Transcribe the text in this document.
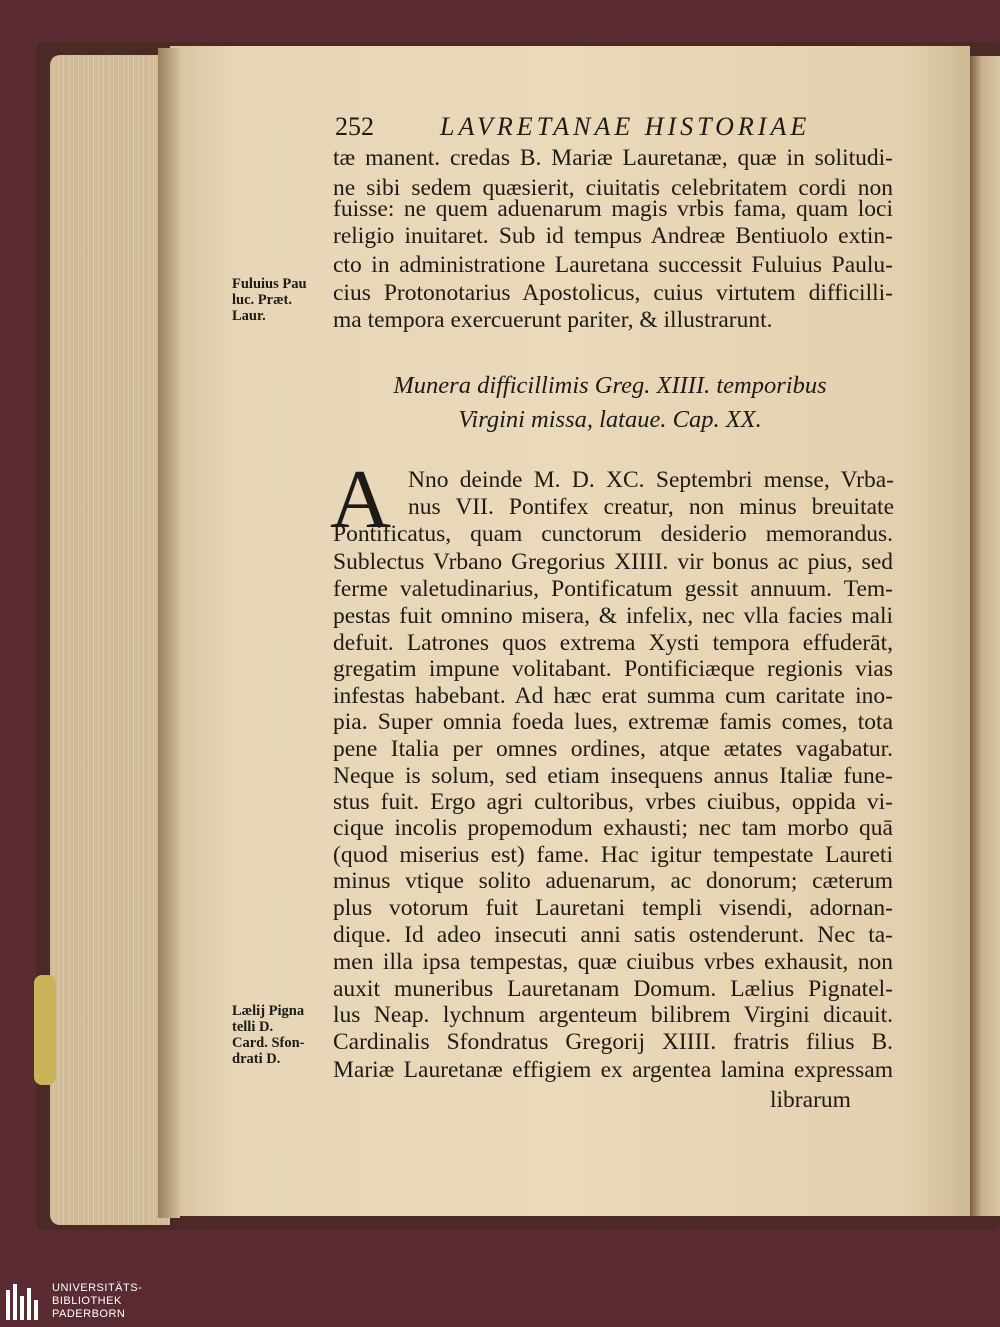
252	LAVRETANAE HISTORIAE
tæ manent. credas B. Mariæ Lauretanæ, quæ in solitudi-
ne sibi sedem quæsierit, ciuitatis celebritatem cordi non
fuisse: ne quem aduenarum magis vrbis fama, quam loci
religio inuitaret. Sub id tempus Andreæ Bentiuolo extin-
cto in administratione Lauretana successit Fuluius Paulu-
cius Protonotarius Apostolicus, cuius virtutem difficilli-
ma tempora exercuerunt pariter, & illustrarunt.
Fuluius Pau
luc. Præt.
Laur.
Munera difficillimis Greg. XIIII. temporibus
Virgini missa, lataue. Cap. XX.
A Nno deinde M. D. XC. Septembri mense, Vrba-
nus VII. Pontifex creatur, non minus breuitate
Pontificatus, quam cunctorum desiderio memorandus.
Sublectus Vrbano Gregorius XIIII. vir bonus ac pius, sed
ferme valetudinarius, Pontificatum gessit annuum. Tem-
pestas fuit omnino misera, & infelix, nec vlla facies mali
defuit. Latrones quos extrema Xysti tempora effuderāt,
gregatim impune volitabant. Pontificiæque regionis vias
infestas habebant. Ad hæc erat summa cum caritate ino-
pia. Super omnia foeda lues, extremæ famis comes, tota
pene Italia per omnes ordines, atque ætates vagabatur.
Neque is solum, sed etiam insequens annus Italiæ fune-
stus fuit. Ergo agri cultoribus, vrbes ciuibus, oppida vi-
cique incolis propemodum exhausti; nec tam morbo quā
(quod miserius est) fame. Hac igitur tempestate Laureti
minus vtique solito aduenarum, ac donorum; cæterum
plus votorum fuit Lauretani templi visendi, adornan-
dique. Id adeo insecuti anni satis ostenderunt. Nec ta-
men illa ipsa tempestas, quæ ciuibus vrbes exhausit, non
auxit muneribus Lauretanam Domum. Lælius Pignatel-
lus Neap. lychnum argenteum bilibrem Virgini dicauit.
Cardinalis Sfondratus Gregorij XIIII. fratris filius B.
Mariæ Lauretanæ effigiem ex argentea lamina expressam
Lælij Pigna
telli D.
Card. Sfon-
drati D.
librarum
UNIVERSITÄTS-
BIBLIOTHEK
PADERBORN
